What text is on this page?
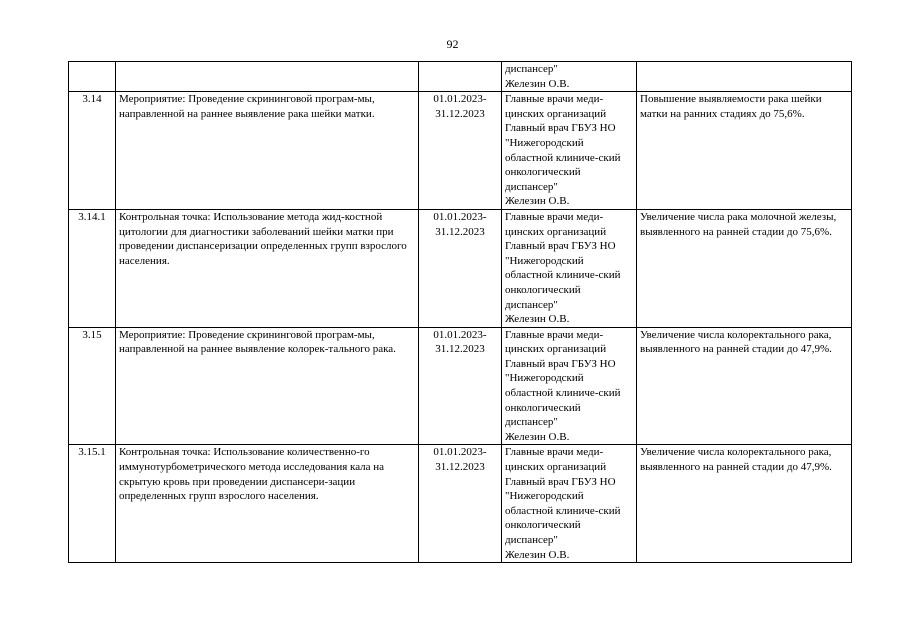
92
			диспансер"
Железин О.В.	
3.14	Мероприятие: Проведение скрининговой програм-мы, направленной на раннее выявление рака шейки матки.	01.01.2023-31.12.2023	Главные врачи меди-цинских организаций
Главный врач ГБУЗ НО "Нижегородский областной клиниче-ский онкологический диспансер"
Железин О.В.	Повышение выявляемости рака шейки матки на ранних стадиях до 75,6%.
3.14.1	Контрольная точка: Использование метода жид-костной цитологии для диагностики заболеваний шейки матки при проведении диспансеризации определенных групп взрослого населения.	01.01.2023-31.12.2023	Главные врачи меди-цинских организаций
Главный врач ГБУЗ НО "Нижегородский областной клиниче-ский онкологический диспансер"
Железин О.В.	Увеличение числа рака молочной железы, выявленного на ранней стадии до 75,6%.
3.15	Мероприятие: Проведение скрининговой програм-мы, направленной на раннее выявление колорек-тального рака.	01.01.2023-31.12.2023	Главные врачи меди-цинских организаций
Главный врач ГБУЗ НО "Нижегородский областной клиниче-ский онкологический диспансер"
Железин О.В.	Увеличение числа колоректального рака, выявленного на ранней стадии до 47,9%.
3.15.1	Контрольная точка: Использование количественно-го иммунотурбометрического метода исследования кала на скрытую кровь при проведении диспансери-зации определенных групп взрослого населения.	01.01.2023-31.12.2023	Главные врачи меди-цинских организаций
Главный врач ГБУЗ НО "Нижегородский областной клиниче-ский онкологический диспансер"
Железин О.В.	Увеличение числа колоректального рака, выявленного на ранней стадии до 47,9%.
